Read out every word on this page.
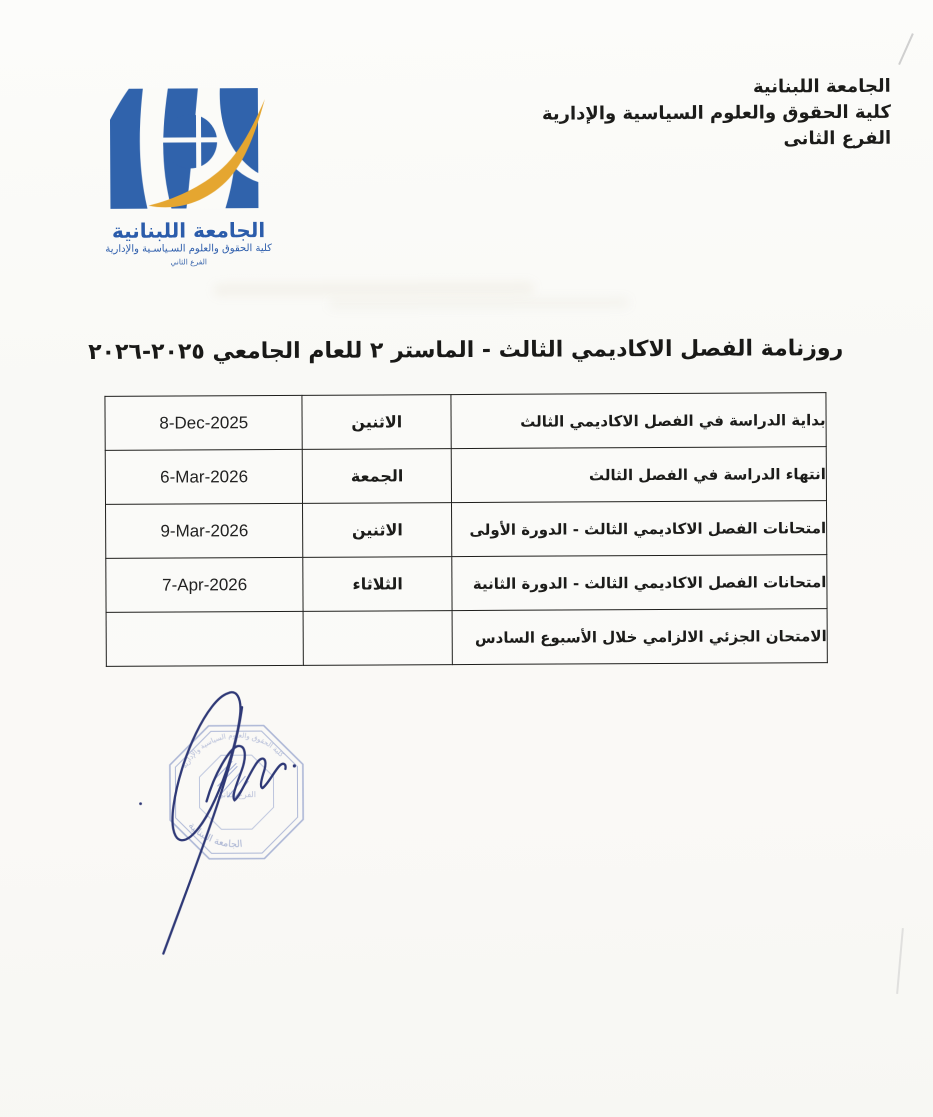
الجامعة اللبنانية
كلية الحقوق والعلوم السـياسـية والإدارية
الفرع الثاني
الجامعة اللبنانية
كلية الحقوق والعلوم السياسية والإدارية
الفرع الثانى
روزنامة الفصل الاكاديمي الثالث - الماستر ٢ للعام الجامعي ٢٠٢٥-٢٠٢٦
بداية الدراسة في الفصل الاكاديمي الثالث	الاثنين	8-Dec-2025
انتهاء الدراسة في الفصل الثالث	الجمعة	6-Mar-2026
امتحانات الفصل الاكاديمي الثالث - الدورة الأولى	الاثنين	9-Mar-2026
امتحانات الفصل الاكاديمي الثالث - الدورة الثانية	الثلاثاء	7-Apr-2026
الامتحان الجزئي الالزامي خلال الأسبوع السادس		
كلية الحقوق والعلوم السياسية والإدارية
الفرع الثاني
الجامعة اللبنانية
